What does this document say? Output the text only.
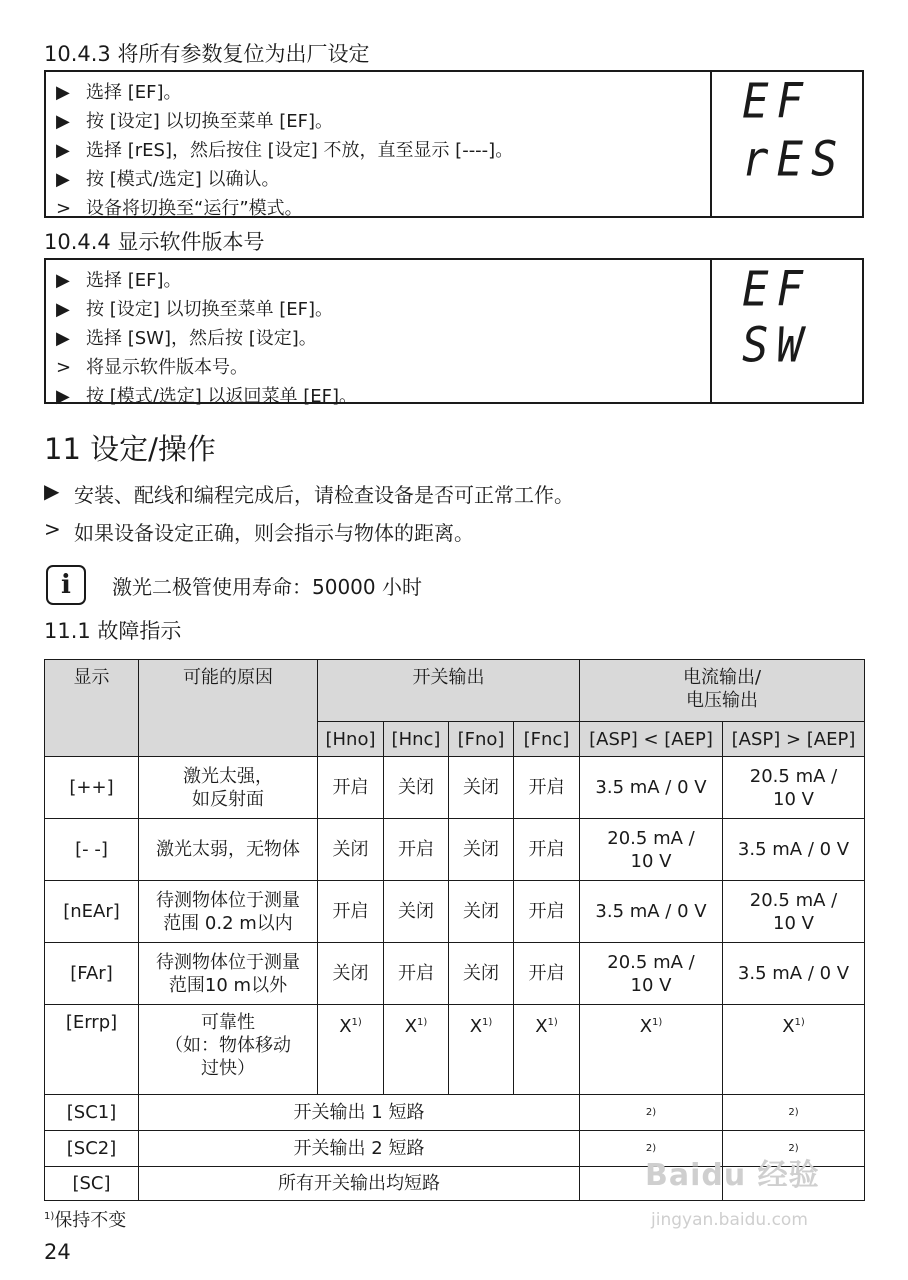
10.4.3 将所有参数复位为出厂设定
▶ 选择 [EF]。
▶ 按 [设定] 以切换至菜单 [EF]。
▶ 选择 [rES]，然后按住 [设定] 不放，直至显示 [----]。
▶ 按 [模式/选定] 以确认。
> 设备将切换至“运行”模式。
EF
rES
10.4.4 显示软件版本号
▶ 选择 [EF]。
▶ 按 [设定] 以切换至菜单 [EF]。
▶ 选择 [SW]，然后按 [设定]。
> 将显示软件版本号。
▶ 按 [模式/选定] 以返回菜单 [EF]。
EF
SW
11 设定/操作
▶ 安装、配线和编程完成后，请检查设备是否可正常工作。
> 如果设备设定正确，则会指示与物体的距离。
i	激光二极管使用寿命：50000 小时
11.1 故障指示
显示	可能的原因	开关输出				电流输出/
电压输出	
		[Hno]	[Hnc]	[Fno]	[Fnc]	[ASP] < [AEP]	[ASP] > [AEP]
[++]	激光太强，
如反射面	开启	关闭	关闭	开启	3.5 mA / 0 V	20.5 mA /
10 V
[- -]	激光太弱，无物体	关闭	开启	关闭	开启	20.5 mA /
10 V	3.5 mA / 0 V
[nEAr]	待测物体位于测量
范围 0.2 m以内	开启	关闭	关闭	开启	3.5 mA / 0 V	20.5 mA /
10 V
[FAr]	待测物体位于测量
范围10 m以外	关闭	开启	关闭	开启	20.5 mA /
10 V	3.5 mA / 0 V
[Errp]	可靠性
（如：物体移动
过快）	$X^{1)}$	$X^{1)}$	$X^{1)}$	$X^{1)}$	$X^{1)}$	$X^{1)}$
[SC1]	开关输出 1 短路					$^{2)}$	$^{2)}$
[SC2]	开关输出 2 短路					$^{2)}$	$^{2)}$
[SC]	所有开关输出均短路						
$^{1)}$保持不变
24
Baidu 经验
jingyan.baidu.com
